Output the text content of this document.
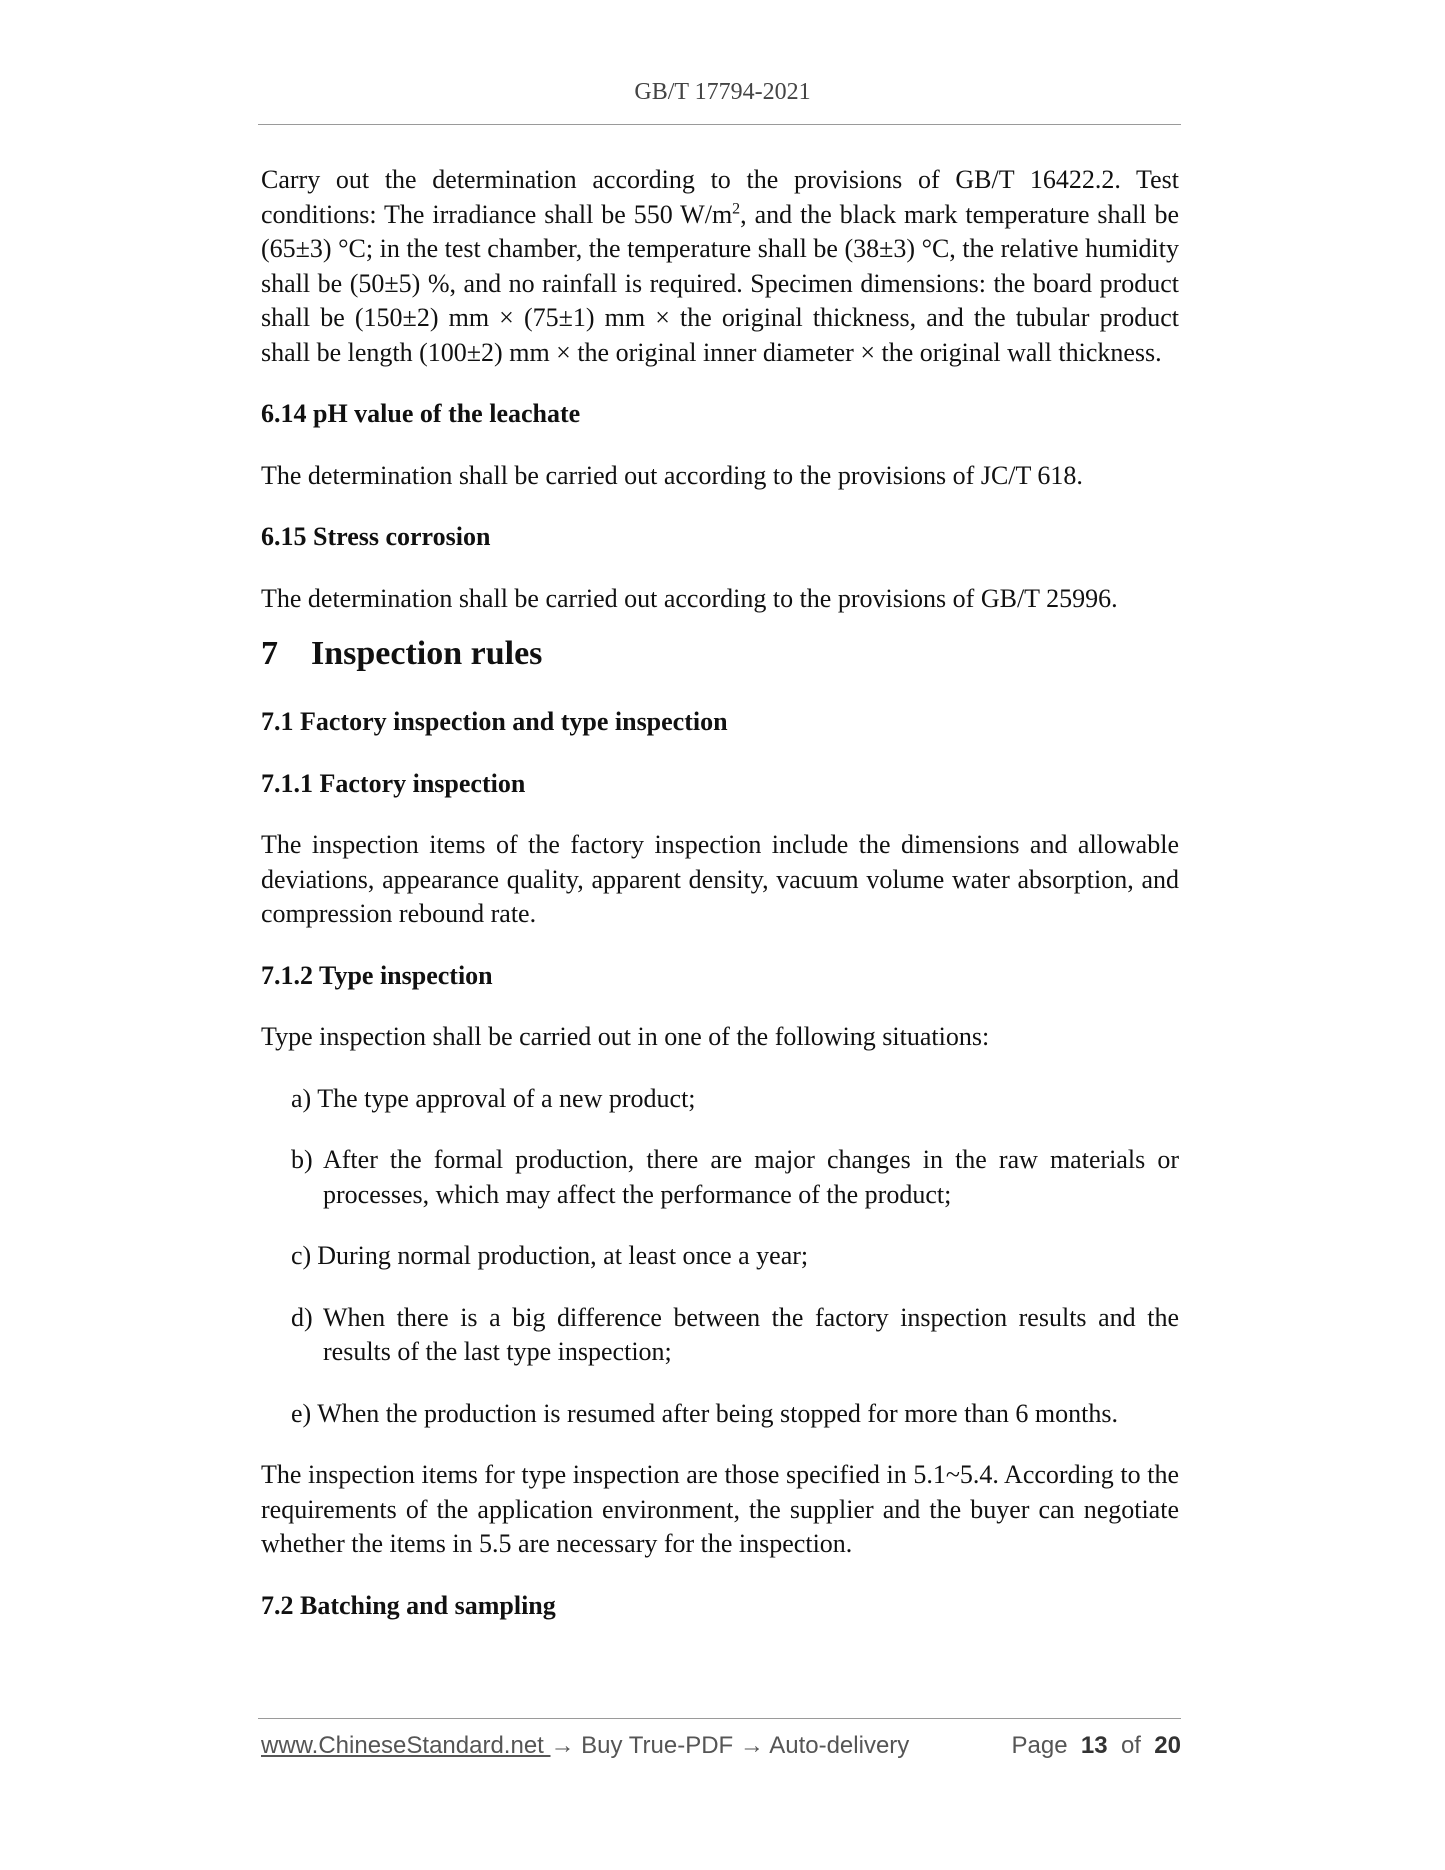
GB/T 17794-2021

Carry out the determination according to the provisions of GB/T 16422.2. Test conditions: The irradiance shall be 550 $W/m^2$, and the black mark temperature shall be (65±3) °C; in the test chamber, the temperature shall be (38±3) °C, the relative humidity shall be (50±5) %, and no rainfall is required. Specimen dimensions: the board product shall be (150±2) mm × (75±1) mm × the original thickness, and the tubular product shall be length (100±2) mm × the original inner diameter × the original wall thickness.

6.14 pH value of the leachate

The determination shall be carried out according to the provisions of JC/T 618.

6.15 Stress corrosion

The determination shall be carried out according to the provisions of GB/T 25996.

7 Inspection rules

7.1 Factory inspection and type inspection

7.1.1 Factory inspection

The inspection items of the factory inspection include the dimensions and allowable deviations, appearance quality, apparent density, vacuum volume water absorption, and compression rebound rate.

7.1.2 Type inspection

Type inspection shall be carried out in one of the following situations:

a) The type approval of a new product;
b) After the formal production, there are major changes in the raw materials or processes, which may affect the performance of the product;
c) During normal production, at least once a year;
d) When there is a big difference between the factory inspection results and the results of the last type inspection;
e) When the production is resumed after being stopped for more than 6 months.

The inspection items for type inspection are those specified in 5.1~5.4. According to the requirements of the application environment, the supplier and the buyer can negotiate whether the items in 5.5 are necessary for the inspection.

7.2 Batching and sampling

www.ChineseStandard.net → Buy True-PDF → Auto-delivery	Page 13 of 20
